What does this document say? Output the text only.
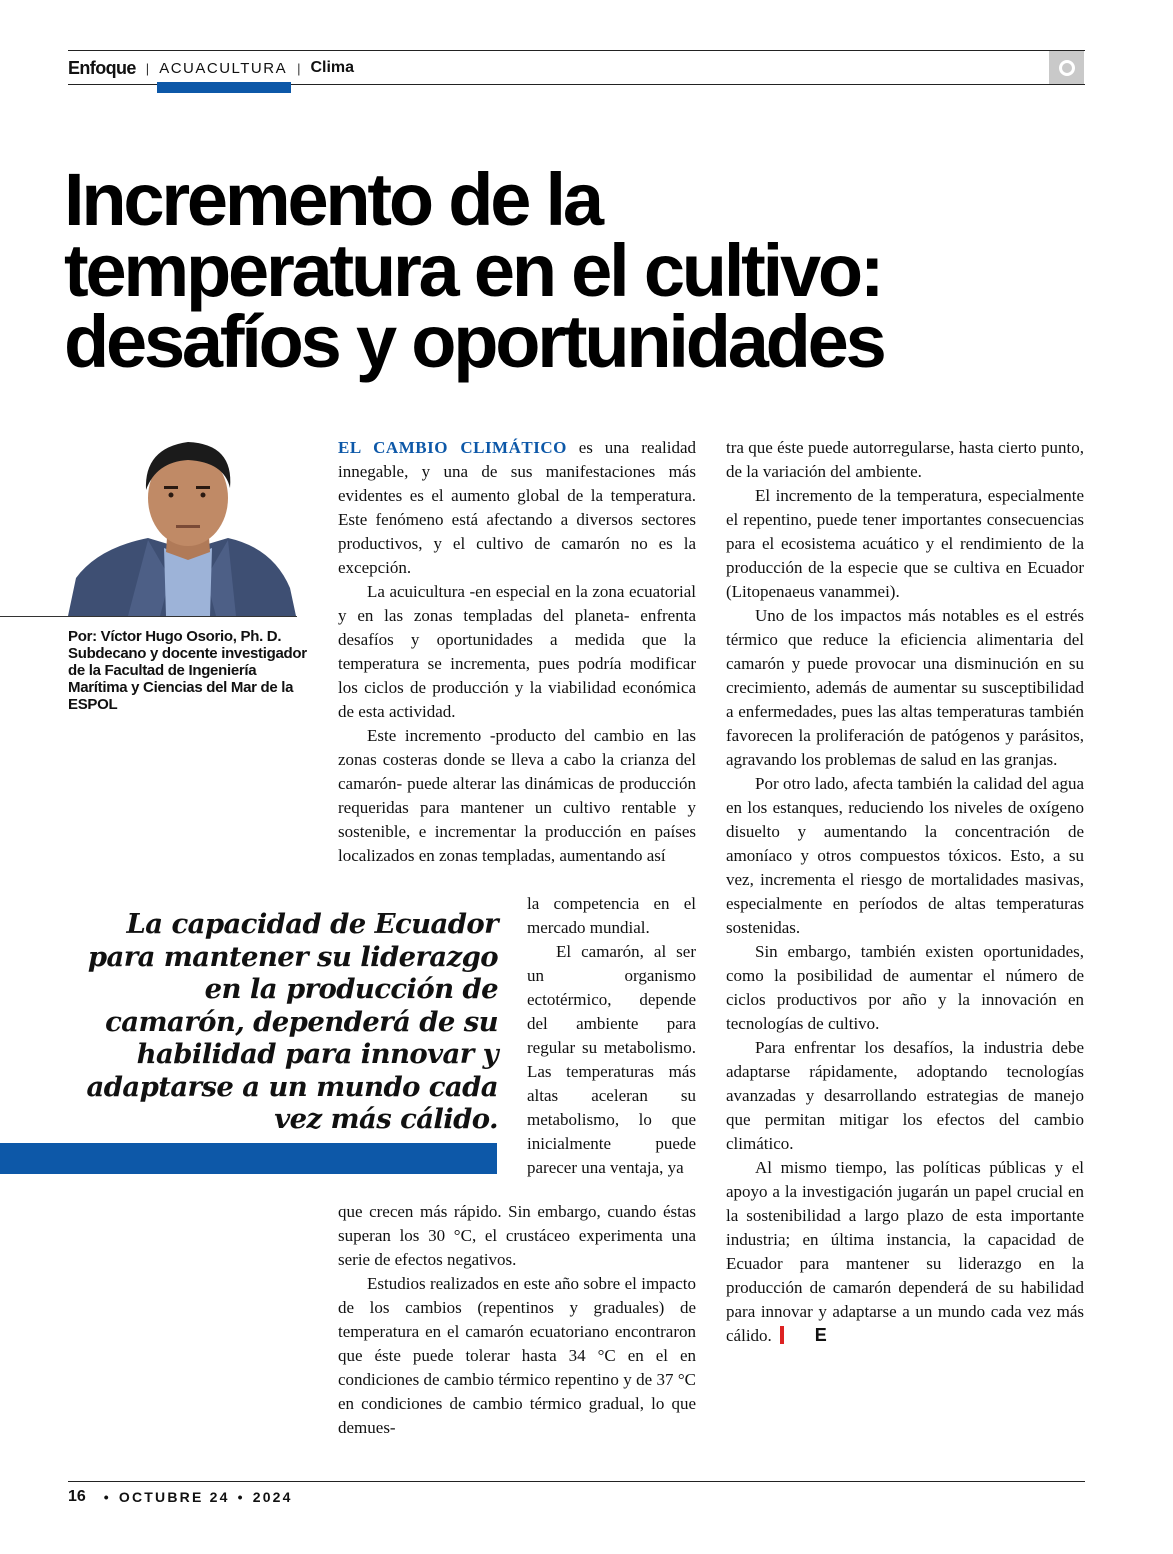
Enfoque | ACUACULTURA | Clima
Incremento de la
temperatura en el cultivo:
desafíos y oportunidades
Por: Víctor Hugo Osorio, Ph. D.
Subdecano y docente investigador de la Facultad de Ingeniería Marítima y Ciencias del Mar de la ESPOL

EL CAMBIO CLIMÁTICO es una realidad innegable, y una de sus manifestaciones más evidentes es el aumento global de la temperatura. Este fenómeno está afectando a diversos sectores productivos, y el cultivo de camarón no es la excepción.

La acuicultura -en especial en la zona ecuatorial y en las zonas templadas del planeta- enfrenta desafíos y oportunidades a medida que la temperatura se incrementa, pues podría modificar los ciclos de producción y la viabilidad económica de esta actividad.

Este incremento -producto del cambio en las zonas costeras donde se lleva a cabo la crianza del camarón- puede alterar las dinámicas de producción requeridas para mantener un cultivo rentable y sostenible, e incrementar la producción en países localizados en zonas templadas, aumentando así

la competencia en el mercado mundial.

El camarón, al ser un organismo ectotérmico, depende del ambiente para regular su metabolismo. Las temperaturas más altas aceleran su metabolismo, lo que inicialmente puede parecer una ventaja, ya

que crecen más rápido. Sin embargo, cuando éstas superan los 30 °C, el crustáceo experimenta una serie de efectos negativos.

Estudios realizados en este año sobre el impacto de los cambios (repentinos y graduales) de temperatura en el camarón ecuatoriano encontraron que éste puede tolerar hasta 34 °C en el en condiciones de cambio térmico repentino y de 37 °C en condiciones de cambio térmico gradual, lo que demues-

tra que éste puede autorregularse, hasta cierto punto, de la variación del ambiente.

El incremento de la temperatura, especialmente el repentino, puede tener importantes consecuencias para el ecosistema acuático y el rendimiento de la producción de la especie que se cultiva en Ecuador (Litopenaeus vanammei).

Uno de los impactos más notables es el estrés térmico que reduce la eficiencia alimentaria del camarón y puede provocar una disminución en su crecimiento, además de aumentar su susceptibilidad a enfermedades, pues las altas temperaturas también favorecen la proliferación de patógenos y parásitos, agravando los problemas de salud en las granjas.

Por otro lado, afecta también la calidad del agua en los estanques, reduciendo los niveles de oxígeno disuelto y aumentando la concentración de amoníaco y otros compuestos tóxicos. Esto, a su vez, incrementa el riesgo de mortalidades masivas, especialmente en períodos de altas temperaturas sostenidas.

Sin embargo, también existen oportunidades, como la posibilidad de aumentar el número de ciclos productivos por año y la innovación en tecnologías de cultivo.

Para enfrentar los desafíos, la industria debe adaptarse rápidamente, adoptando tecnologías avanzadas y desarrollando estrategias de manejo que permitan mitigar los efectos del cambio climático.

Al mismo tiempo, las políticas públicas y el apoyo a la investigación jugarán un papel crucial en la sostenibilidad a largo plazo de esta importante industria; en última instancia, la capacidad de Ecuador para mantener su liderazgo en la producción de camarón dependerá de su habilidad para innovar y adaptarse a un mundo cada vez más cálido. E

La capacidad de Ecuador para mantener su liderazgo en la producción de camarón, dependerá de su habilidad para innovar y adaptarse a un mundo cada vez más cálido.

16 • OCTUBRE 24 • 2024
